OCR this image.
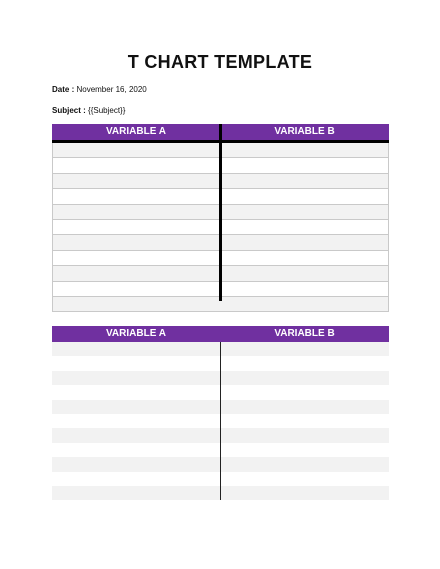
T CHART TEMPLATE
Date : November 16, 2020
Subject : {{Subject}}
VARIABLE A	VARIABLE B
VARIABLE A	VARIABLE B
